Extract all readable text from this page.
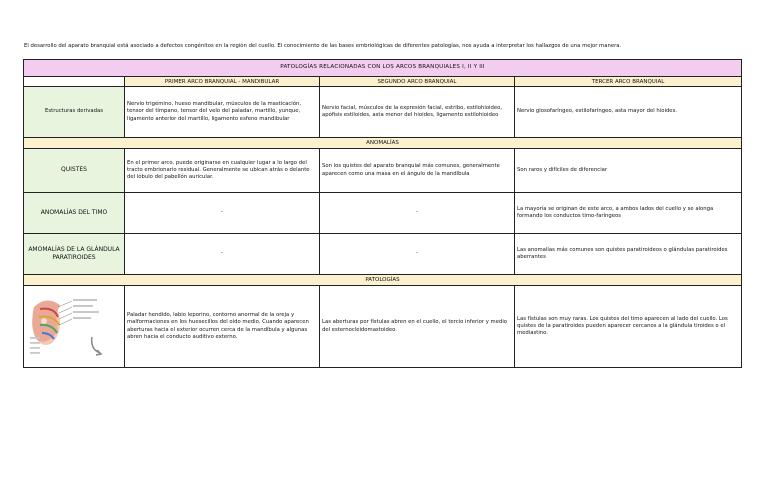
El desarrollo del aparato branquial está asociado a defectos congénitos en la región del cuello. El conocimiento de las bases embriológicas de diferentes patologías, nos ayuda a interpretar los hallazgos de una mejor manera.
PATOLOGÍAS RELACIONADAS CON LOS ARCOS BRANQUIALES I, II Y III			
	PRIMER ARCO BRANQUIAL - MANDIBULAR	SEGUNDO ARCO BRANQUIAL	TERCER ARCO BRANQUIAL
Estructuras derivadas	Nervio trigémino, hueso mandibular, músculos de la masticación, tensor del tímpano, tensor del velo del paladar, martillo, yunque, ligamento anterior del martillo, ligamento esfeno mandibular	Nervio facial, músculos de la expresión facial, estribo, estilohioideo, apófisis estiloides, asta menor del hioides, ligamento estilohioideo	Nervio glosofaríngeo, estilofaríngeo, asta mayor del hioides.
ANOMALÍAS			
QUISTES	En el primer arco, puede originarse en cualquier lugar a lo largo del tracto embrionario residual. Generalmente se ubican atrás o delante del lóbulo del pabellón auricular.	Son los quistes del aparato branquial más comunes, generalmente aparecen como una masa en el ángulo de la mandíbula	Son raros y difíciles de diferenciar
ANOMALÍAS DEL TIMO	-	-	La mayoría se originan de este arco, a ambos lados del cuello y se alonga formando los conductos timo-faríngeos
AMOMALÍAS DE LA GLÁNDULA PARATIROIDES	-	-	Las anomalías más comunes son quistes paratiroideos o glándulas paratiroides aberrantes
PATOLOGÍAS			

	Paladar hendido, labio leporino, contorno anormal de la oreja y malformaciones en los huesecillos del oído medio. Cuando aparecen aberturas hacia el exterior ocurren cerca de la mandíbula y algunas abren hacia el conducto auditivo externo.	Las aberturas por fístulas abren en el cuello, el tercio inferior y medio del esternocleidomastoideo.	Las fístulas son muy raras. Los quistes del timo aparecen al lado del cuello. Los quistes de la paratiroides pueden aparecer cercanos a la glándula tiroides o el mediastino.
